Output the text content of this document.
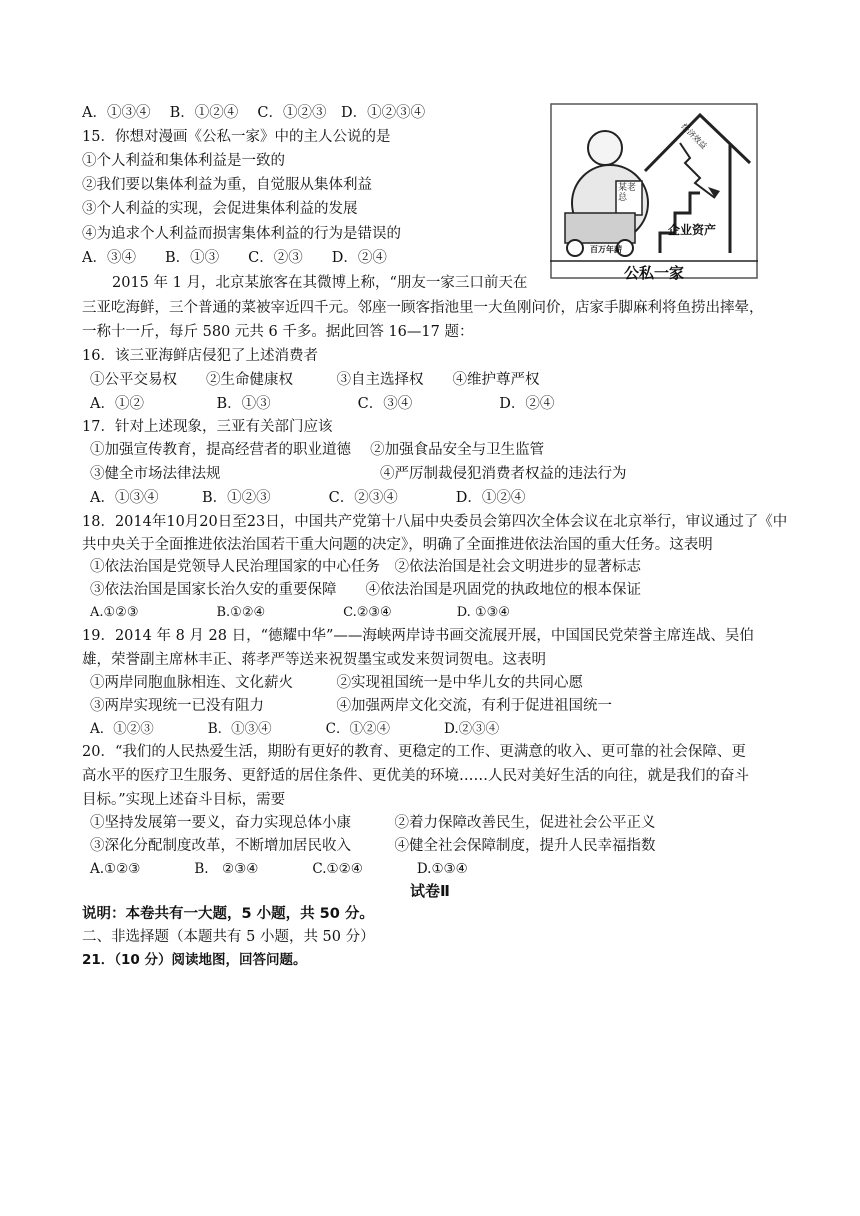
经济效益
某老总
百万年薪
企业资产
公私一家
A．①③④　 B．①②④　 C．①②③　D．①②③④
15．你想对漫画《公私一家》中的主人公说的是
①个人利益和集体利益是一致的
②我们要以集体利益为重，自觉服从集体利益
③个人利益的实现，会促进集体利益的发展
④为追求个人利益而损害集体利益的行为是错误的
A．③④　　B．①③　　C．②③　　D．②④
2015 年 1 月，北京某旅客在其微博上称，“朋友一家三口前天在
三亚吃海鲜，三个普通的菜被宰近四千元。邻座一顾客指池里一大鱼刚问价，店家手脚麻利将鱼捞出摔晕，
一称十一斤，每斤 580 元共 6 千多。据此回答 16—17 题：
16．该三亚海鲜店侵犯了上述消费者
①公平交易权　　②生命健康权　　　③自主选择权　　④维护尊严权
A．①②　　　　　B．①③　　　　　　C．③④　　　　　　D．②④
17．针对上述现象，三亚有关部门应该
①加强宣传教育，提高经营者的职业道德　 ②加强食品安全与卫生监管
③健全市场法律法规　　　　　　　　　　　④严厉制裁侵犯消费者权益的违法行为
A．①③④　　　B．①②③　　　　C．②③④　　　　D．①②④
18．2014年10月20日至23日，中国共产党第十八届中央委员会第四次全体会议在北京举行，审议通过了《中
共中央关于全面推进依法治国若干重大问题的决定》，明确了全面推进依法治国的重大任务。这表明
①依法治国是党领导人民治理国家的中心任务　②依法治国是社会文明进步的显著标志
③依法治国是国家长治久安的重要保障　　④依法治国是巩固党的执政地位的根本保证
A.①②③　　　　　　B.①②④　　　　　　C.②③④　　　　　D. ①③④
19．2014 年 8 月 28 日，“德耀中华”——海峡两岸诗书画交流展开展，中国国民党荣誉主席连战、吴伯
雄，荣誉副主席林丰正、蒋孝严等送来祝贺墨宝或发来贺词贺电。这表明
①两岸同胞血脉相连、文化薪火　　　②实现祖国统一是中华儿女的共同心愿
③两岸实现统一已没有阻力　　　　　④加强两岸文化交流，有利于促进祖国统一
A．①②③　　　　B．①③④　　　　C．①②④　　　　D.②③④
20．“我们的人民热爱生活，期盼有更好的教育、更稳定的工作、更满意的收入、更可靠的社会保障、更
高水平的医疗卫生服务、更舒适的居住条件、更优美的环境……人民对美好生活的向往，就是我们的奋斗
目标。”实现上述奋斗目标，需要
①坚持发展第一要义，奋力实现总体小康　　　②着力保障改善民生，促进社会公平正义
③深化分配制度改革，不断增加居民收入　　　④健全社会保障制度，提升人民幸福指数
A.①②③　　　　B.　②③④　　　　C.①②④　　　　D.①③④
试卷Ⅱ
说明：本卷共有一大题，5 小题，共 50 分。
二、非选择题（本题共有 5 小题，共 50 分）
21．（10 分）阅读地图，回答问题。
